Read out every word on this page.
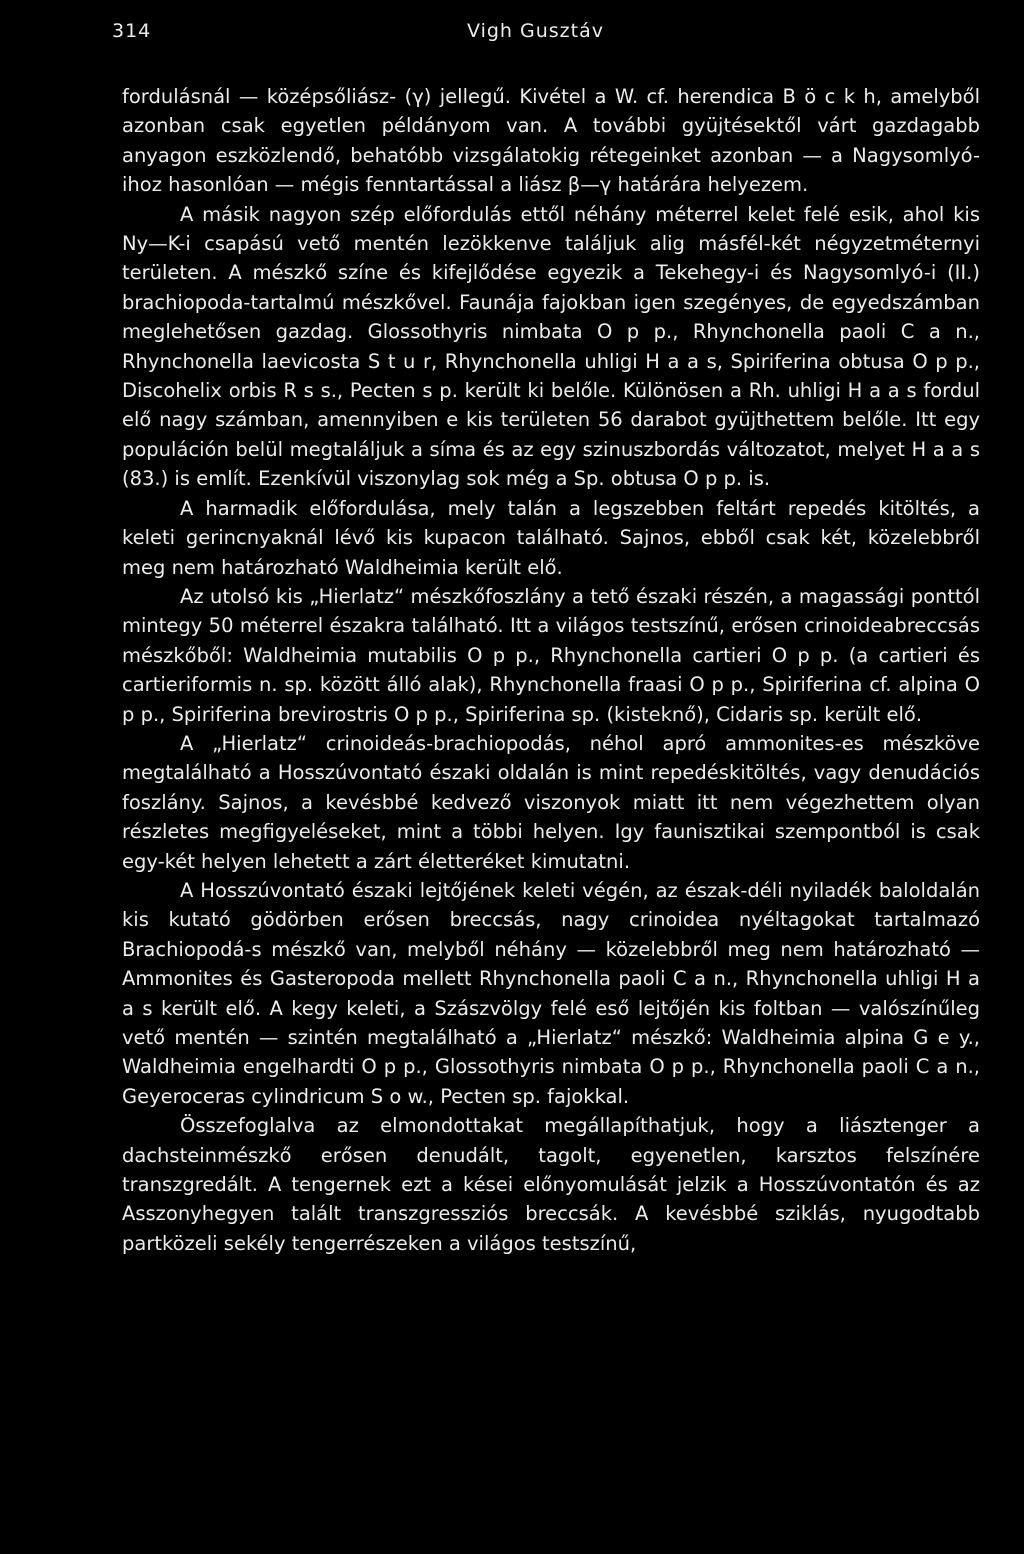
314	Vigh Gusztáv

fordulásnál — középsőliász- (γ) jellegű. Kivétel a W. cf. herendica B ö c k h, amelyből azonban csak egyetlen példányom van. A további gyüjtésektől várt gazdagabb anyagon eszközlendő, behatóbb vizsgálatokig rétegeinket azonban — a Nagysomlyó-ihoz hasonlóan — mégis fenntartással a liász β—γ határára helyezem.

A másik nagyon szép előfordulás ettől néhány méterrel kelet felé esik, ahol kis Ny—K-i csapású vető mentén lezökkenve találjuk alig másfél-két négyzetméternyi területen. A mészkő színe és kifejlődése egyezik a Tekehegy-i és Nagysomlyó-i (II.) brachiopoda-tartalmú mészkővel. Faunája fajokban igen szegényes, de egyedszámban meglehetősen gazdag. Glossothyris nimbata O p p., Rhynchonella paoli C a n., Rhynchonella laevicosta S t u r, Rhynchonella uhligi H a a s, Spiriferina obtusa O p p., Discohelix orbis R s s., Pecten s p. került ki belőle. Különösen a Rh. uhligi H a a s fordul elő nagy számban, amennyiben e kis területen 56 darabot gyüjthettem belőle. Itt egy populáción belül megtaláljuk a síma és az egy szinuszbordás változatot, melyet H a a s (83.) is említ. Ezenkívül viszonylag sok még a Sp. obtusa O p p. is.

A harmadik előfordulása, mely talán a legszebben feltárt repedés kitöltés, a keleti gerincnyaknál lévő kis kupacon található. Sajnos, ebből csak két, közelebbről meg nem határozható Waldheimia került elő.

Az utolsó kis „Hierlatz“ mészkőfoszlány a tető északi részén, a magassági ponttól mintegy 50 méterrel északra található. Itt a világos testszínű, erősen crinoideabreccsás mészkőből: Waldheimia mutabilis O p p., Rhynchonella cartieri O p p. (a cartieri és cartieriformis n. sp. között álló alak), Rhynchonella fraasi O p p., Spiriferina cf. alpina O p p., Spiriferina brevirostris O p p., Spiriferina sp. (kisteknő), Cidaris sp. került elő.

A „Hierlatz“ crinoideás-brachiopodás, néhol apró ammonites-es mészköve megtalálható a Hosszúvontató északi oldalán is mint repedéskitöltés, vagy denudációs foszlány. Sajnos, a kevésbbé kedvező viszonyok miatt itt nem végezhettem olyan részletes megfigyeléseket, mint a többi helyen. Igy faunisztikai szempontból is csak egy-két helyen lehetett a zárt életteréket kimutatni.

A Hosszúvontató északi lejtőjének keleti végén, az észak-déli nyiladék baloldalán kis kutató gödörben erősen breccsás, nagy crinoidea nyéltagokat tartalmazó Brachiopodá-s mészkő van, melyből néhány — közelebbről meg nem határozható — Ammonites és Gasteropoda mellett Rhynchonella paoli C a n., Rhynchonella uhligi H a a s került elő. A kegy keleti, a Szászvölgy felé eső lejtőjén kis foltban — valószínűleg vető mentén — szintén megtalálható a „Hierlatz“ mészkő: Waldheimia alpina G e y., Waldheimia engelhardti O p p., Glossothyris nimbata O p p., Rhynchonella paoli C a n., Geyeroceras cylindricum S o w., Pecten sp. fajokkal.

Összefoglalva az elmondottakat megállapíthatjuk, hogy a liásztenger a dachsteinmészkő erősen denudált, tagolt, egyenetlen, karsztos felszínére transzgredált. A tengernek ezt a kései előnyomulását jelzik a Hosszúvontatón és az Asszonyhegyen talált transzgressziós breccsák. A kevésbbé sziklás, nyugodtabb partközeli sekély tengerrészeken a világos testszínű,
